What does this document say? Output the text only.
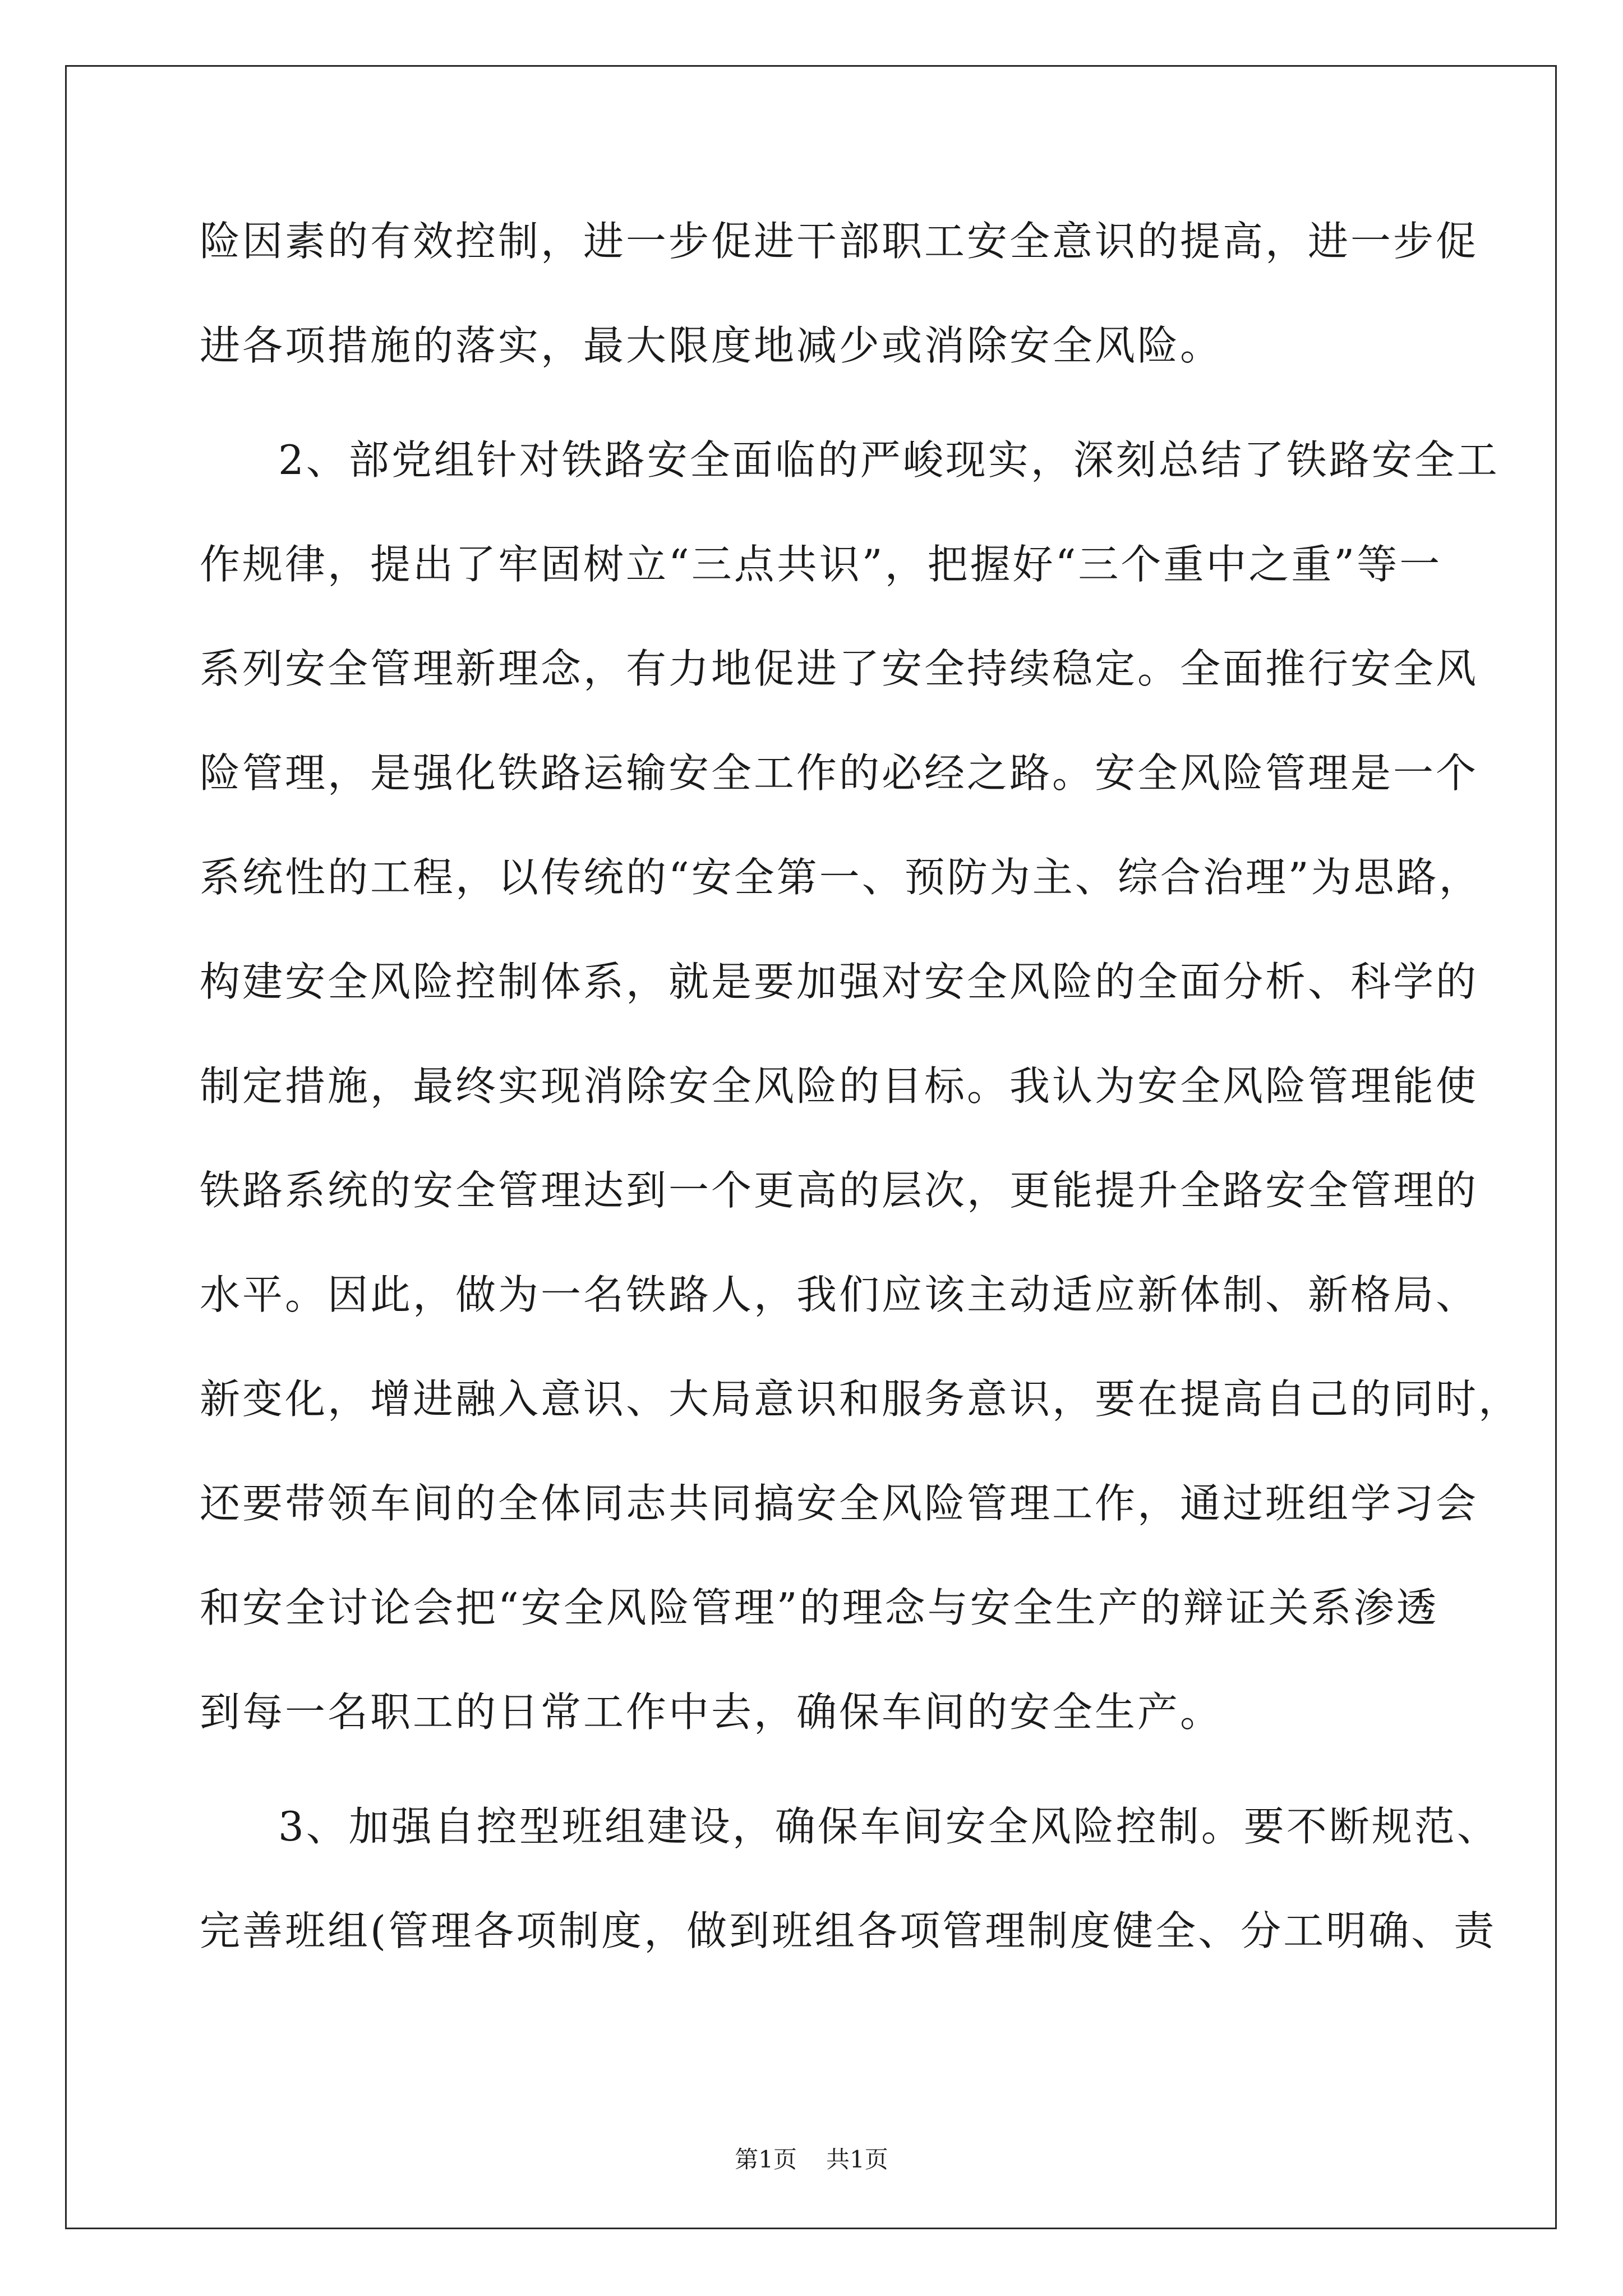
险因素的有效控制，进一步促进干部职工安全意识的提高，进一步促
进各项措施的落实，最大限度地减少或消除安全风险。
2、部党组针对铁路安全面临的严峻现实，深刻总结了铁路安全工
作规律，提出了牢固树立“三点共识”，把握好“三个重中之重”等一
系列安全管理新理念，有力地促进了安全持续稳定。全面推行安全风
险管理，是强化铁路运输安全工作的必经之路。安全风险管理是一个
系统性的工程，以传统的“安全第一、预防为主、综合治理”为思路，
构建安全风险控制体系，就是要加强对安全风险的全面分析、科学的
制定措施，最终实现消除安全风险的目标。我认为安全风险管理能使
铁路系统的安全管理达到一个更高的层次，更能提升全路安全管理的
水平。因此，做为一名铁路人，我们应该主动适应新体制、新格局、
新变化，增进融入意识、大局意识和服务意识，要在提高自己的同时，
还要带领车间的全体同志共同搞安全风险管理工作，通过班组学习会
和安全讨论会把“安全风险管理”的理念与安全生产的辩证关系渗透
到每一名职工的日常工作中去，确保车间的安全生产。
3、加强自控型班组建设，确保车间安全风险控制。要不断规范、
完善班组(管理各项制度，做到班组各项管理制度健全、分工明确、责
第1页 共1页
